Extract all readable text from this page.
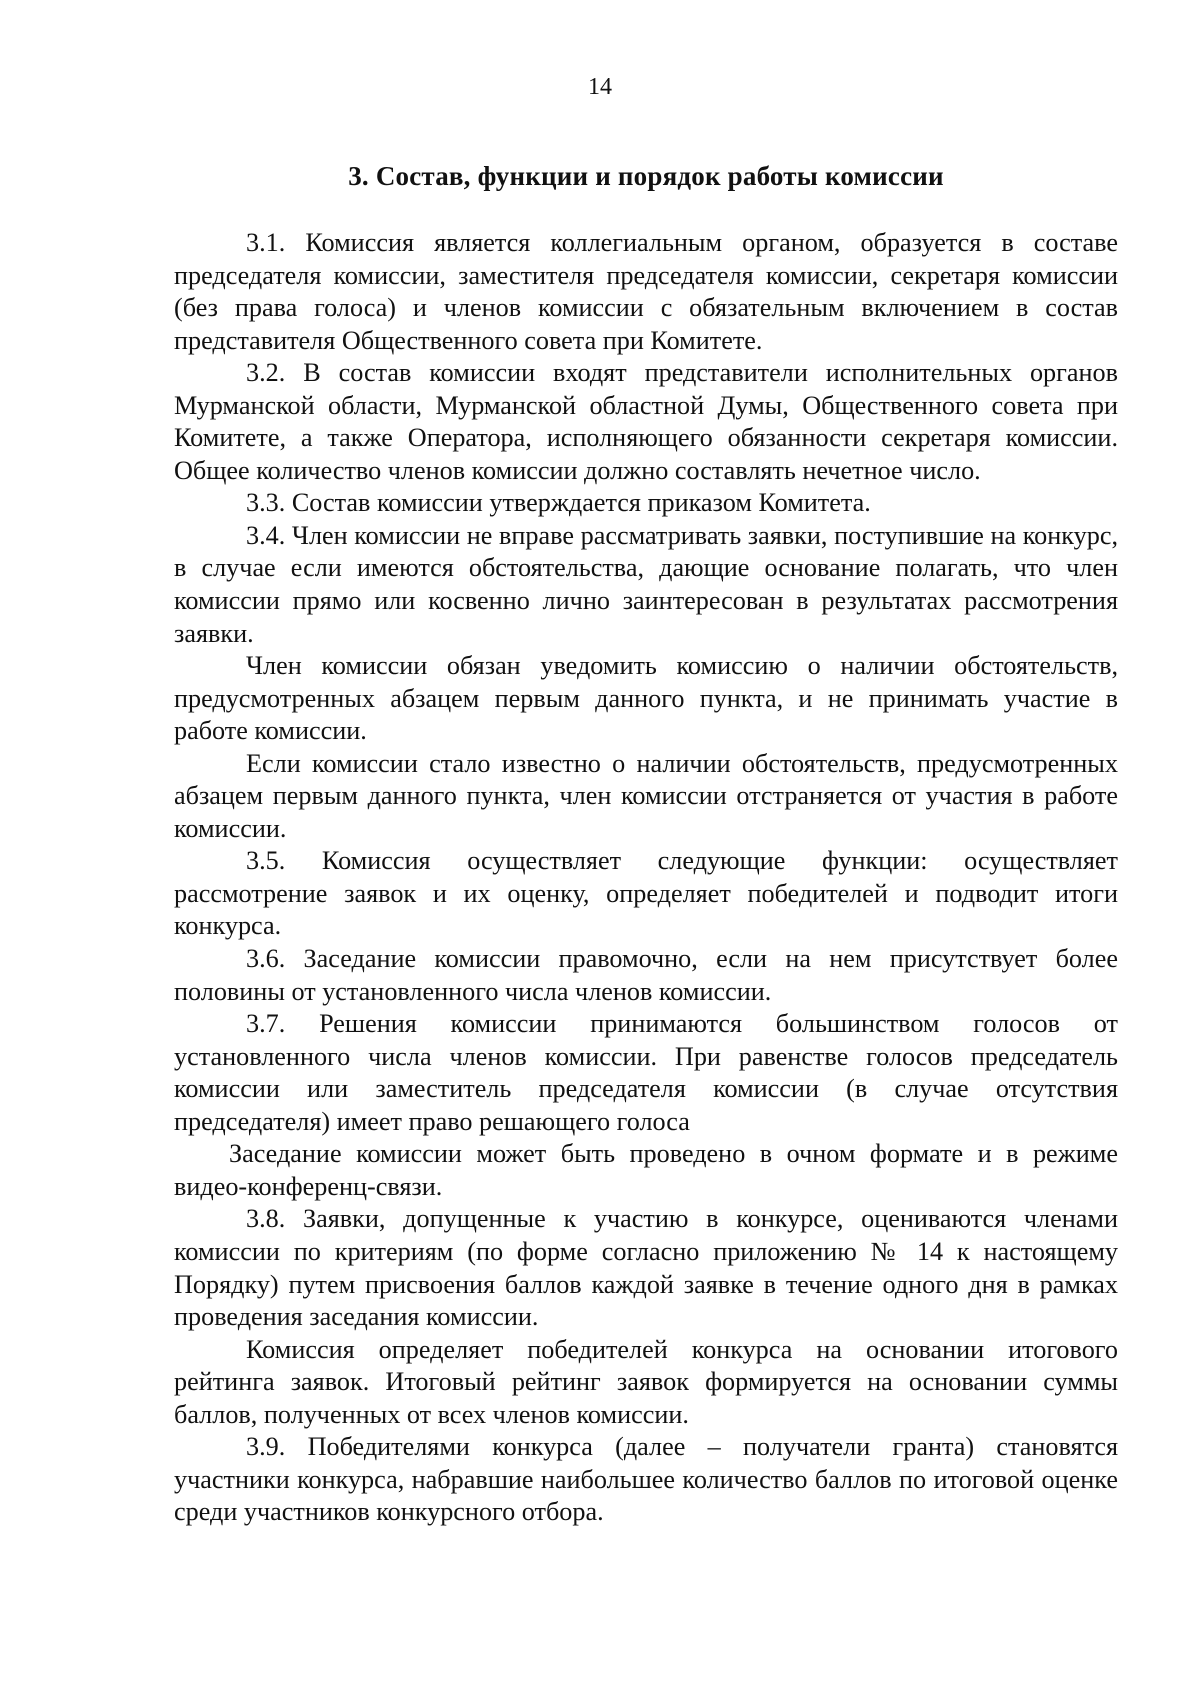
14
3. Состав, функции и порядок работы комиссии

3.1. Комиссия является коллегиальным органом, образуется в составе председателя комиссии, заместителя председателя комиссии, секретаря комиссии (без права голоса) и членов комиссии с обязательным включением в состав представителя Общественного совета при Комитете.

3.2. В состав комиссии входят представители исполнительных органов Мурманской области, Мурманской областной Думы, Общественного совета при Комитете, а также Оператора, исполняющего обязанности секретаря комиссии. Общее количество членов комиссии должно составлять нечетное число.

3.3. Состав комиссии утверждается приказом Комитета.

3.4. Член комиссии не вправе рассматривать заявки, поступившие на конкурс, в случае если имеются обстоятельства, дающие основание полагать, что член комиссии прямо или косвенно лично заинтересован в результатах рассмотрения заявки.

Член комиссии обязан уведомить комиссию о наличии обстоятельств, предусмотренных абзацем первым данного пункта, и не принимать участие в работе комиссии.

Если комиссии стало известно о наличии обстоятельств, предусмотренных абзацем первым данного пункта, член комиссии отстраняется от участия в работе комиссии.

3.5. Комиссия осуществляет следующие функции: осуществляет рассмотрение заявок и их оценку, определяет победителей и подводит итоги конкурса.

3.6. Заседание комиссии правомочно, если на нем присутствует более половины от установленного числа членов комиссии.

3.7. Решения комиссии принимаются большинством голосов от установленного числа членов комиссии. При равенстве голосов председатель комиссии или заместитель председателя комиссии (в случае отсутствия председателя) имеет право решающего голоса

Заседание комиссии может быть проведено в очном формате и в режиме видео-конференц-связи.

3.8. Заявки, допущенные к участию в конкурсе, оцениваются членами комиссии по критериям (по форме согласно приложению № 14 к настоящему Порядку) путем присвоения баллов каждой заявке в течение одного дня в рамках проведения заседания комиссии.

Комиссия определяет победителей конкурса на основании итогового рейтинга заявок. Итоговый рейтинг заявок формируется на основании суммы баллов, полученных от всех членов комиссии.

3.9. Победителями конкурса (далее – получатели гранта) становятся участники конкурса, набравшие наибольшее количество баллов по итоговой оценке среди участников конкурсного отбора.
